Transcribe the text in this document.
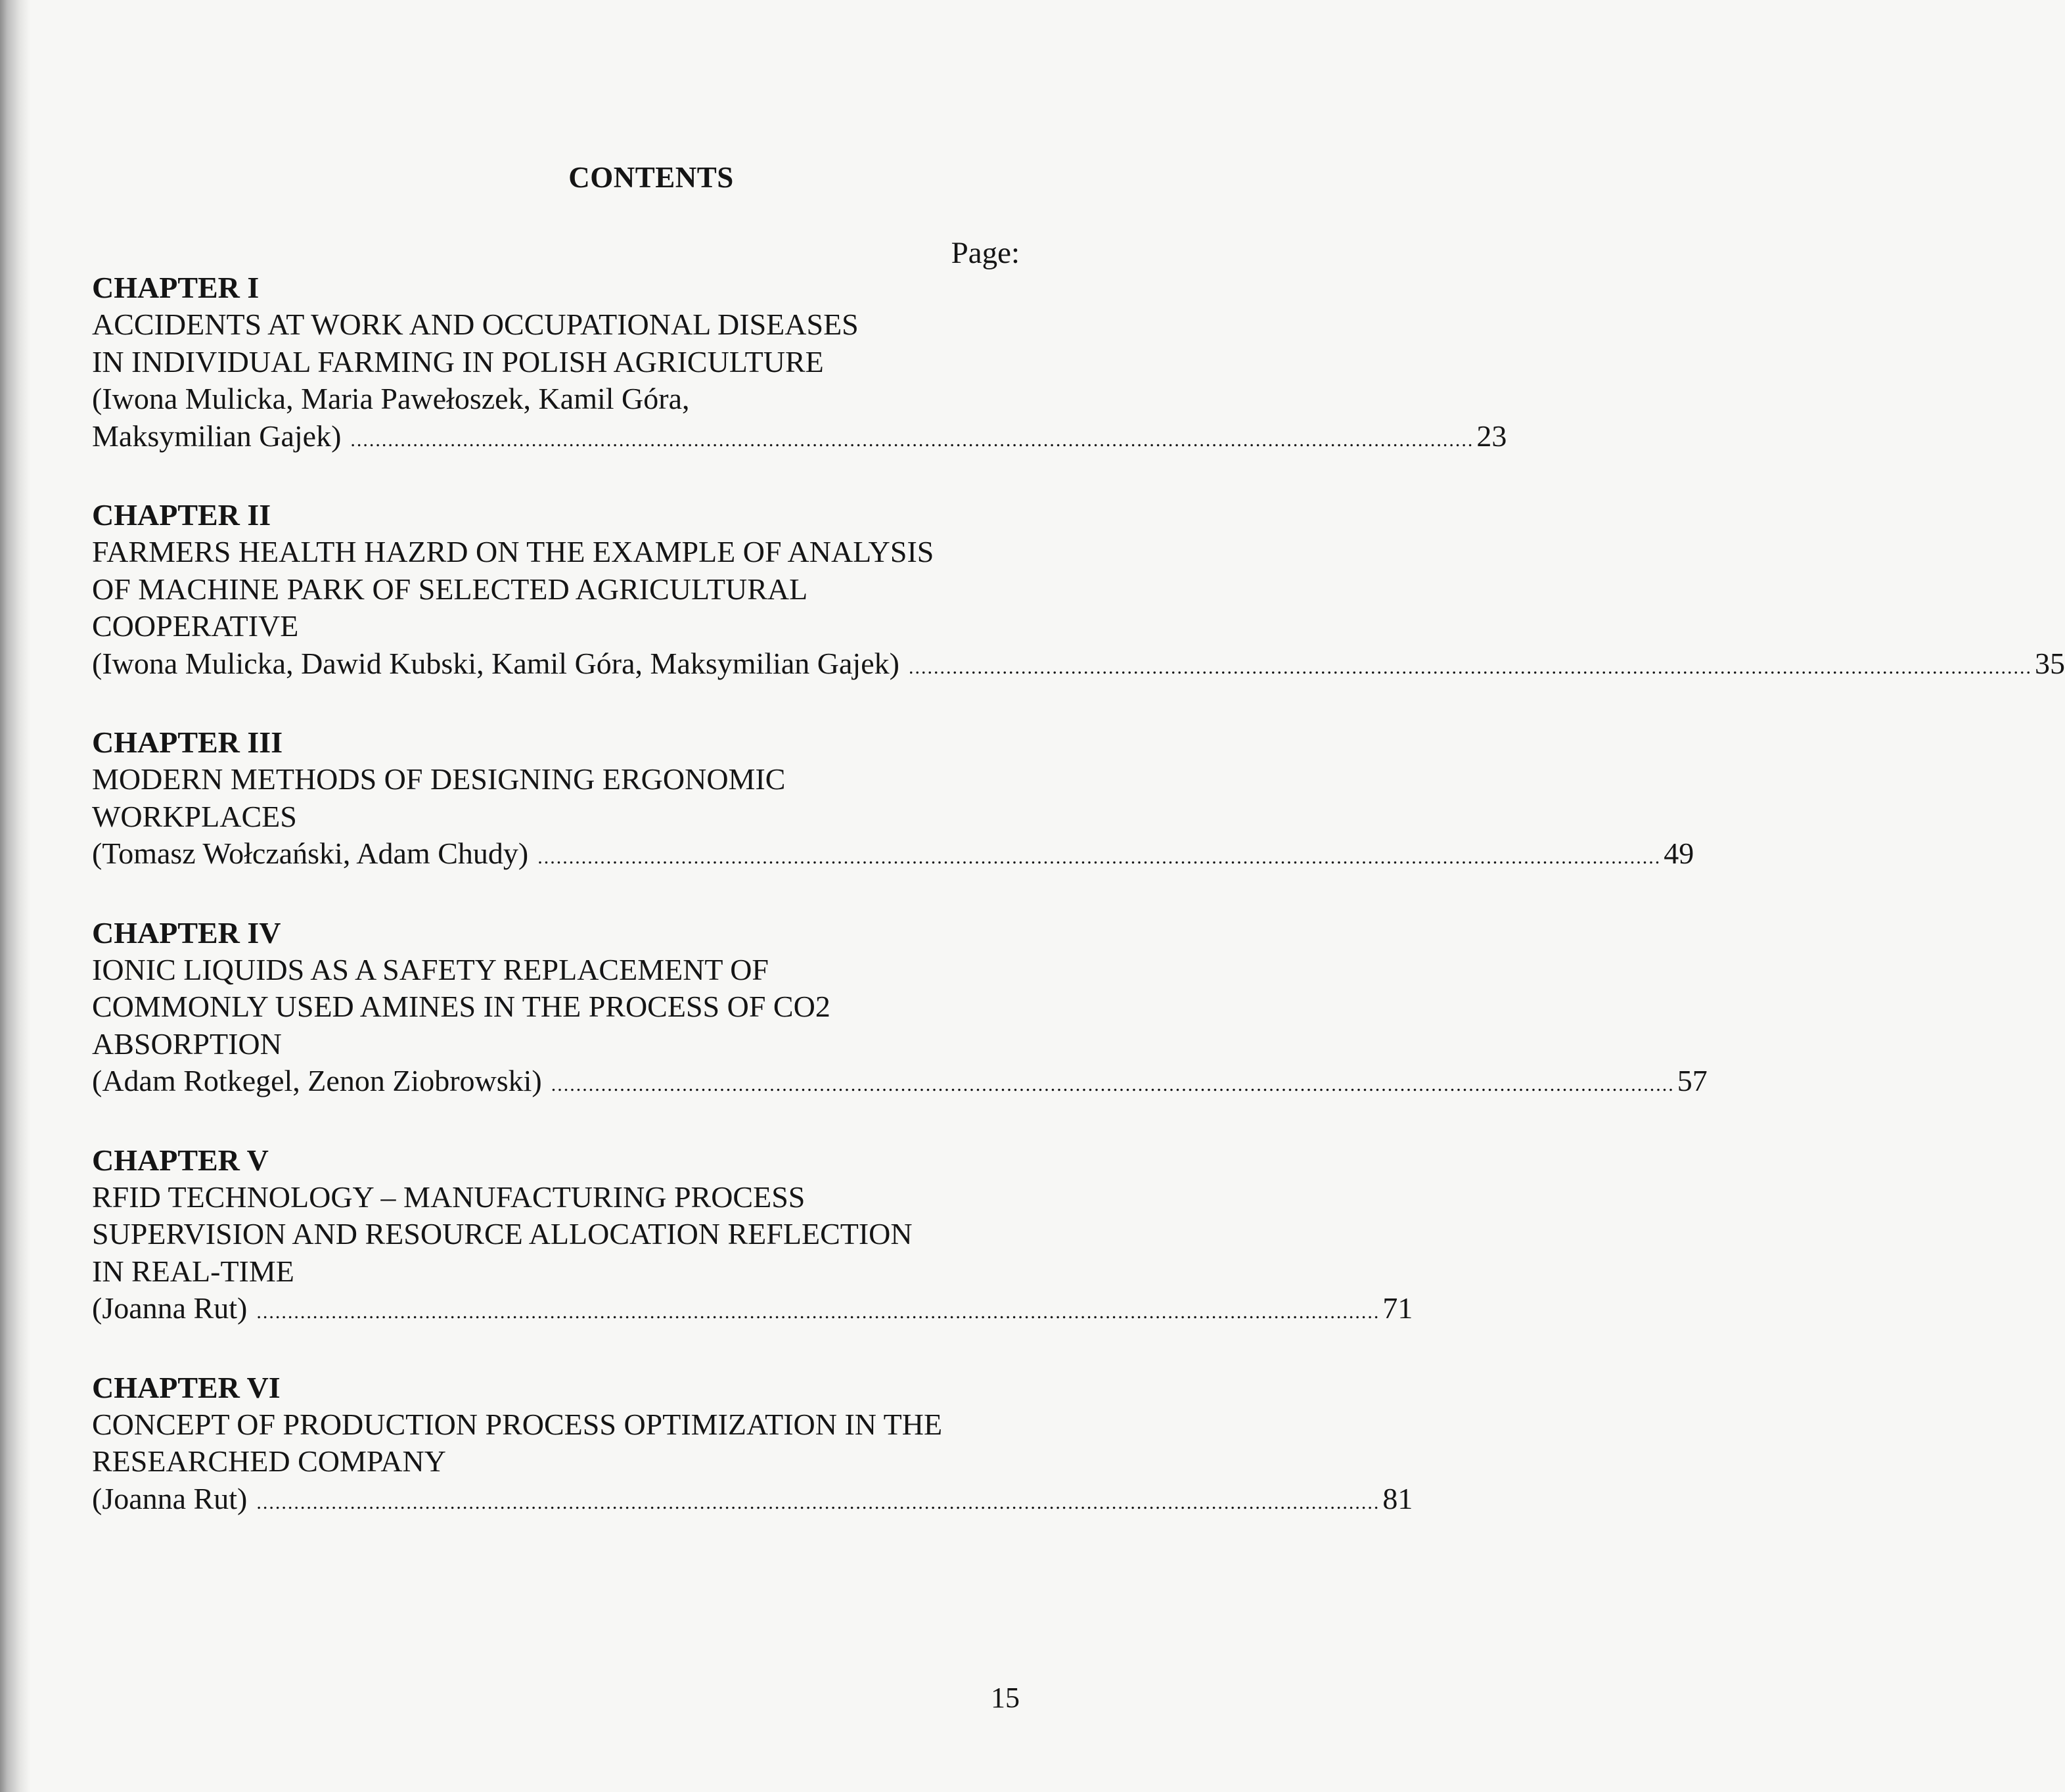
CONTENTS
Page:
CHAPTER I
ACCIDENTS AT WORK AND OCCUPATIONAL DISEASES
IN INDIVIDUAL FARMING IN POLISH AGRICULTURE
(Iwona Mulicka, Maria Pawełoszek, Kamil Góra,
Maksymilian Gajek) .................................................................................................................................................................................... 23
CHAPTER II
FARMERS HEALTH HAZRD ON THE EXAMPLE OF ANALYSIS
OF MACHINE PARK OF SELECTED AGRICULTURAL
COOPERATIVE
(Iwona Mulicka, Dawid Kubski, Kamil Góra, Maksymilian Gajek) .................................................................................................................................................................................... 35
CHAPTER III
MODERN METHODS OF DESIGNING ERGONOMIC
WORKPLACES
(Tomasz Wołczański, Adam Chudy) .................................................................................................................................................................................... 49
CHAPTER IV
IONIC LIQUIDS AS A SAFETY REPLACEMENT OF
COMMONLY USED AMINES IN THE PROCESS OF CO2
ABSORPTION
(Adam Rotkegel, Zenon Ziobrowski) .................................................................................................................................................................................... 57
CHAPTER V
RFID TECHNOLOGY – MANUFACTURING PROCESS
SUPERVISION AND RESOURCE ALLOCATION REFLECTION
IN REAL-TIME
(Joanna Rut) .................................................................................................................................................................................... 71
CHAPTER VI
CONCEPT OF PRODUCTION PROCESS OPTIMIZATION IN THE
RESEARCHED COMPANY
(Joanna Rut) .................................................................................................................................................................................... 81
15
